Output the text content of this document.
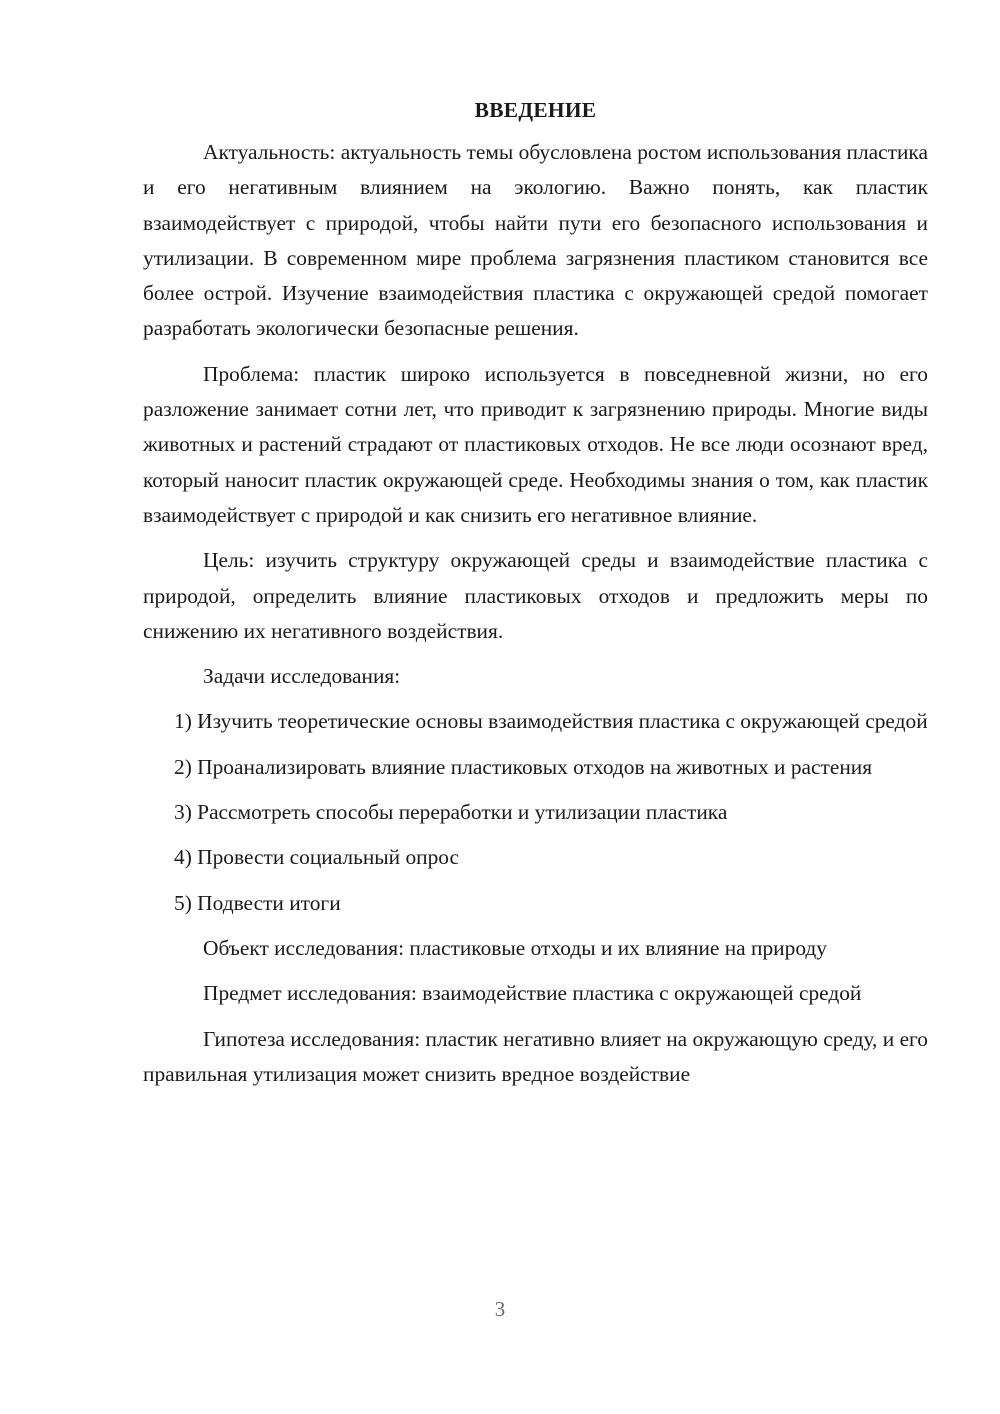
ВВЕДЕНИЕ

Актуальность: актуальность темы обусловлена ростом использования пластика и его негативным влиянием на экологию. Важно понять, как пластик взаимодействует с природой, чтобы найти пути его безопасного использования и утилизации. В современном мире проблема загрязнения пластиком становится все более острой. Изучение взаимодействия пластика с окружающей средой помогает разработать экологически безопасные решения.

Проблема: пластик широко используется в повседневной жизни, но его разложение занимает сотни лет, что приводит к загрязнению природы. Многие виды животных и растений страдают от пластиковых отходов. Не все люди осознают вред, который наносит пластик окружающей среде. Необходимы знания о том, как пластик взаимодействует с природой и как снизить его негативное влияние.

Цель: изучить структуру окружающей среды и взаимодействие пластика с природой, определить влияние пластиковых отходов и предложить меры по снижению их негативного воздействия.

Задачи исследования:

1) Изучить теоретические основы взаимодействия пластика с окружающей средой

2) Проанализировать влияние пластиковых отходов на животных и растения

3) Рассмотреть способы переработки и утилизации пластика

4) Провести социальный опрос

5) Подвести итоги

Объект исследования: пластиковые отходы и их влияние на природу

Предмет исследования: взаимодействие пластика с окружающей средой

Гипотеза исследования: пластик негативно влияет на окружающую среду, и его правильная утилизация может снизить вредное воздействие

3
